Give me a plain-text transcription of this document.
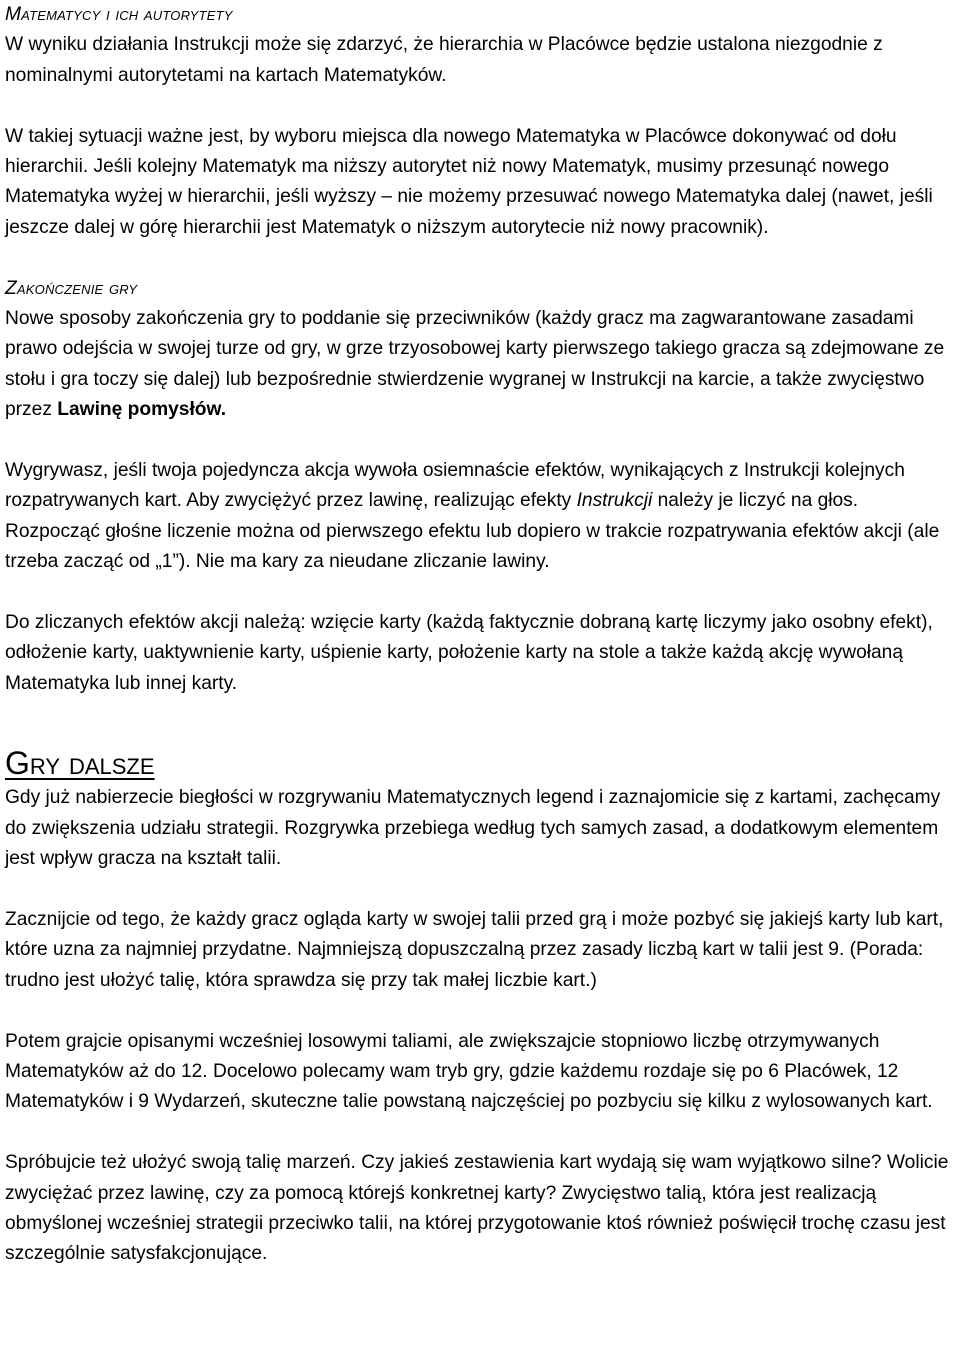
Matematycy i ich autorytety

W wyniku działania Instrukcji może się zdarzyć, że hierarchia w Placówce będzie ustalona niezgodnie z nominalnymi autorytetami na kartach Matematyków.

W takiej sytuacji ważne jest, by wyboru miejsca dla nowego Matematyka w Placówce dokonywać od dołu hierarchii. Jeśli kolejny Matematyk ma niższy autorytet niż nowy Matematyk, musimy przesunąć nowego Matematyka wyżej w hierarchii, jeśli wyższy – nie możemy przesuwać nowego Matematyka dalej (nawet, jeśli jeszcze dalej w górę hierarchii jest Matematyk o niższym autorytecie niż nowy pracownik).

Zakończenie gry

Nowe sposoby zakończenia gry to poddanie się przeciwników (każdy gracz ma zagwarantowane zasadami prawo odejścia w swojej turze od gry, w grze trzyosobowej karty pierwszego takiego gracza są zdejmowane ze stołu i gra toczy się dalej) lub bezpośrednie stwierdzenie wygranej w Instrukcji na karcie, a także zwycięstwo przez Lawinę pomysłów.

Wygrywasz, jeśli twoja pojedyncza akcja wywoła osiemnaście efektów, wynikających z Instrukcji kolejnych rozpatrywanych kart. Aby zwyciężyć przez lawinę, realizując efekty Instrukcji należy je liczyć na głos. Rozpocząć głośne liczenie można od pierwszego efektu lub dopiero w trakcie rozpatrywania efektów akcji (ale trzeba zacząć od „1”). Nie ma kary za nieudane zliczanie lawiny.

Do zliczanych efektów akcji należą: wzięcie karty (każdą faktycznie dobraną kartę liczymy jako osobny efekt), odłożenie karty, uaktywnienie karty, uśpienie karty, położenie karty na stole a także każdą akcję wywołaną Matematyka lub innej karty.

Gry dalsze

Gdy już nabierzecie biegłości w rozgrywaniu Matematycznych legend i zaznajomicie się z kartami, zachęcamy do zwiększenia udziału strategii. Rozgrywka przebiega według tych samych zasad, a dodatkowym elementem jest wpływ gracza na kształt talii.

Zacznijcie od tego, że każdy gracz ogląda karty w swojej talii przed grą i może pozbyć się jakiejś karty lub kart, które uzna za najmniej przydatne. Najmniejszą dopuszczalną przez zasady liczbą kart w talii jest 9. (Porada: trudno jest ułożyć talię, która sprawdza się przy tak małej liczbie kart.)

Potem grajcie opisanymi wcześniej losowymi taliami, ale zwiększajcie stopniowo liczbę otrzymywanych Matematyków aż do 12. Docelowo polecamy wam tryb gry, gdzie każdemu rozdaje się po 6 Placówek, 12 Matematyków i 9 Wydarzeń, skuteczne talie powstaną najczęściej po pozbyciu się kilku z wylosowanych kart.

Spróbujcie też ułożyć swoją talię marzeń. Czy jakieś zestawienia kart wydają się wam wyjątkowo silne? Wolicie zwyciężać przez lawinę, czy za pomocą którejś konkretnej karty? Zwycięstwo talią, która jest realizacją obmyślonej wcześniej strategii przeciwko talii, na której przygotowanie ktoś również poświęcił trochę czasu jest szczególnie satysfakcjonujące.
